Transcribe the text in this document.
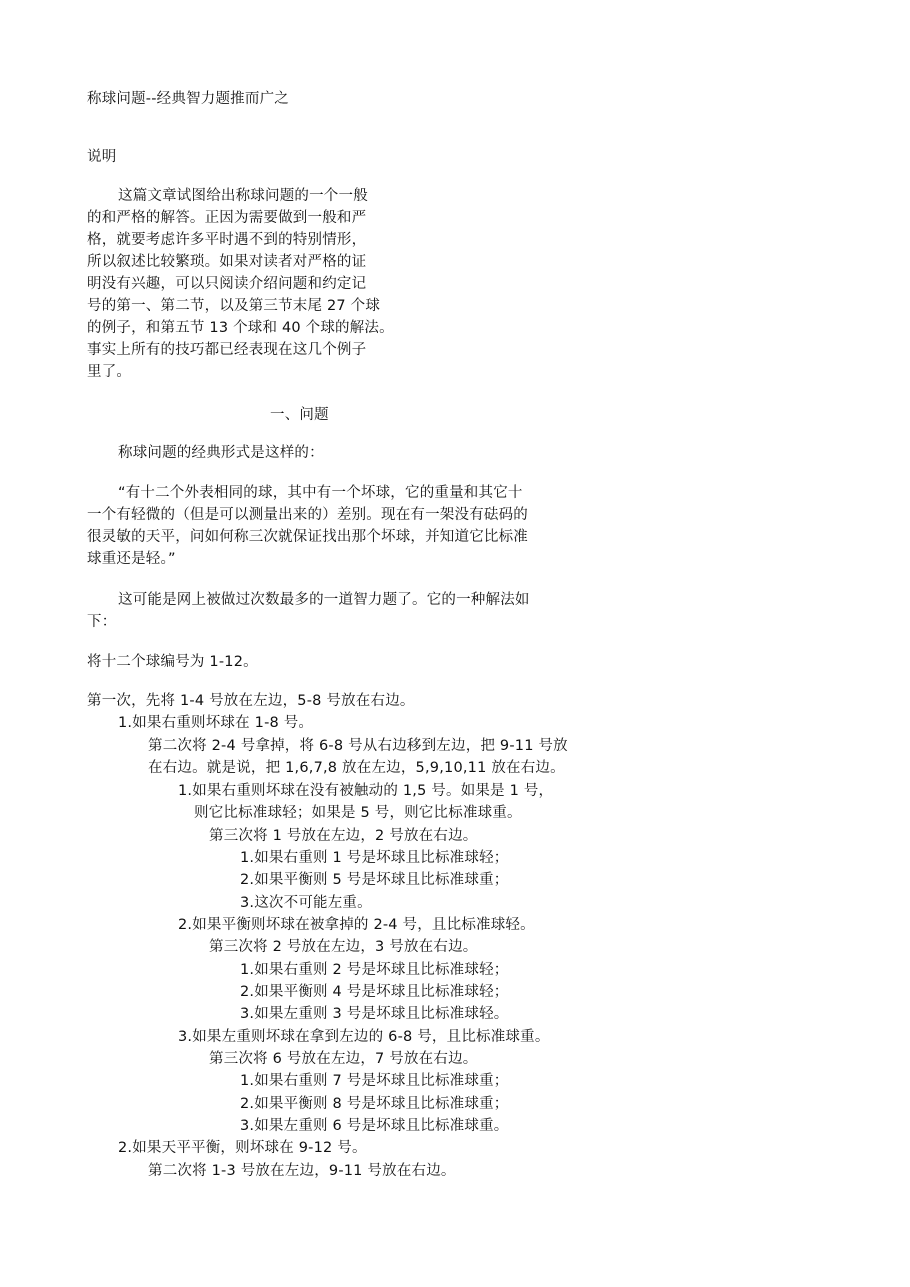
称球问题--经典智力题推而广之
说明
这篇文章试图给出称球问题的一个一般
的和严格的解答。正因为需要做到一般和严
格，就要考虑许多平时遇不到的特别情形，
所以叙述比较繁琐。如果对读者对严格的证
明没有兴趣，可以只阅读介绍问题和约定记
号的第一、第二节，以及第三节末尾 27 个球
的例子，和第五节 13 个球和 40 个球的解法。
事实上所有的技巧都已经表现在这几个例子
里了。
一、问题
称球问题的经典形式是这样的：
“有十二个外表相同的球，其中有一个坏球，它的重量和其它十
一个有轻微的（但是可以测量出来的）差别。现在有一架没有砝码的
很灵敏的天平，问如何称三次就保证找出那个坏球，并知道它比标准
球重还是轻。”
这可能是网上被做过次数最多的一道智力题了。它的一种解法如
下：
将十二个球编号为 1-12。
第一次，先将 1-4 号放在左边，5-8 号放在右边。
1.如果右重则坏球在 1-8 号。
第二次将 2-4 号拿掉，将 6-8 号从右边移到左边，把 9-11 号放
在右边。就是说，把 1,6,7,8 放在左边，5,9,10,11 放在右边。
1.如果右重则坏球在没有被触动的 1,5 号。如果是 1 号，
则它比标准球轻；如果是 5 号，则它比标准球重。
第三次将 1 号放在左边，2 号放在右边。
1.如果右重则 1 号是坏球且比标准球轻；
2.如果平衡则 5 号是坏球且比标准球重；
3.这次不可能左重。
2.如果平衡则坏球在被拿掉的 2-4 号，且比标准球轻。
第三次将 2 号放在左边，3 号放在右边。
1.如果右重则 2 号是坏球且比标准球轻；
2.如果平衡则 4 号是坏球且比标准球轻；
3.如果左重则 3 号是坏球且比标准球轻。
3.如果左重则坏球在拿到左边的 6-8 号，且比标准球重。
第三次将 6 号放在左边，7 号放在右边。
1.如果右重则 7 号是坏球且比标准球重；
2.如果平衡则 8 号是坏球且比标准球重；
3.如果左重则 6 号是坏球且比标准球重。
2.如果天平平衡，则坏球在 9-12 号。
第二次将 1-3 号放在左边，9-11 号放在右边。
